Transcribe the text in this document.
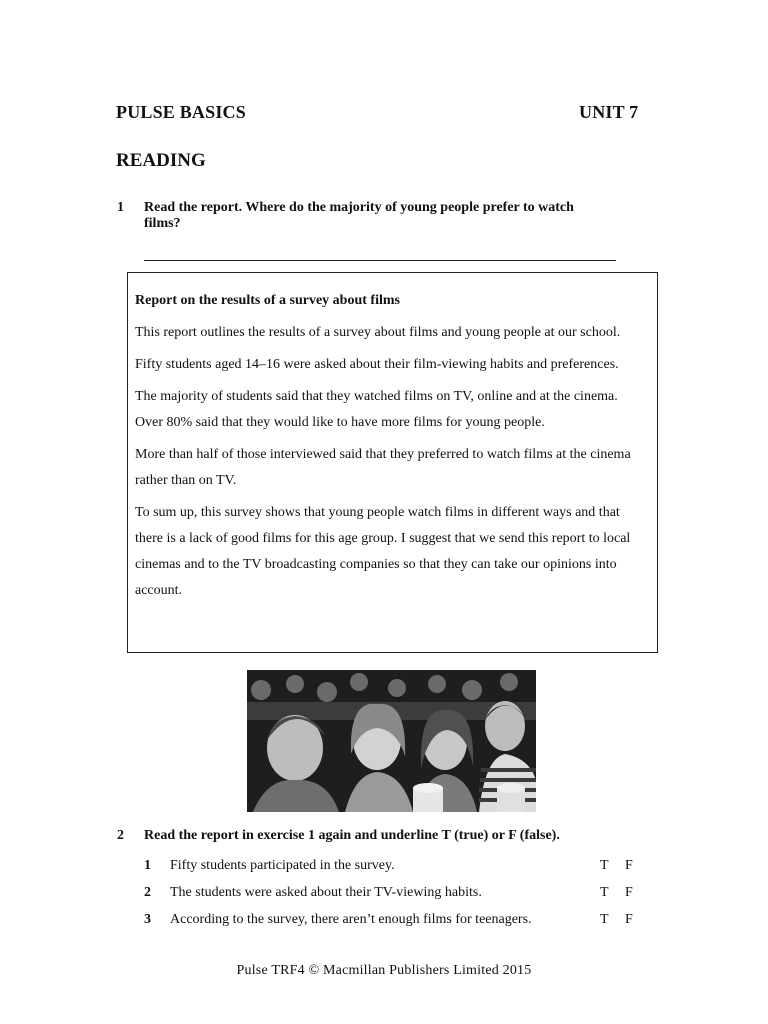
PULSE BASICS	UNIT 7
READING
1 Read the report. Where do the majority of young people prefer to watch
films?

Report on the results of a survey about films

This report outlines the results of a survey about films and young people at our school.

Fifty students aged 14–16 were asked about their film-viewing habits and preferences.

The majority of students said that they watched films on TV, online and at the cinema. Over 80% said that they would like to have more films for young people.

More than half of those interviewed said that they preferred to watch films at the cinema rather than on TV.

To sum up, this survey shows that young people watch films in different ways and that there is a lack of good films for this age group. I suggest that we send this report to local cinemas and to the TV broadcasting companies so that they can take our opinions into account.

2 Read the report in exercise 1 again and underline T (true) or F (false).
1 Fifty students participated in the survey.	T F
2 The students were asked about their TV-viewing habits.	T F
3 According to the survey, there aren’t enough films for teenagers.	T F
Pulse TRF4 © Macmillan Publishers Limited 2015
